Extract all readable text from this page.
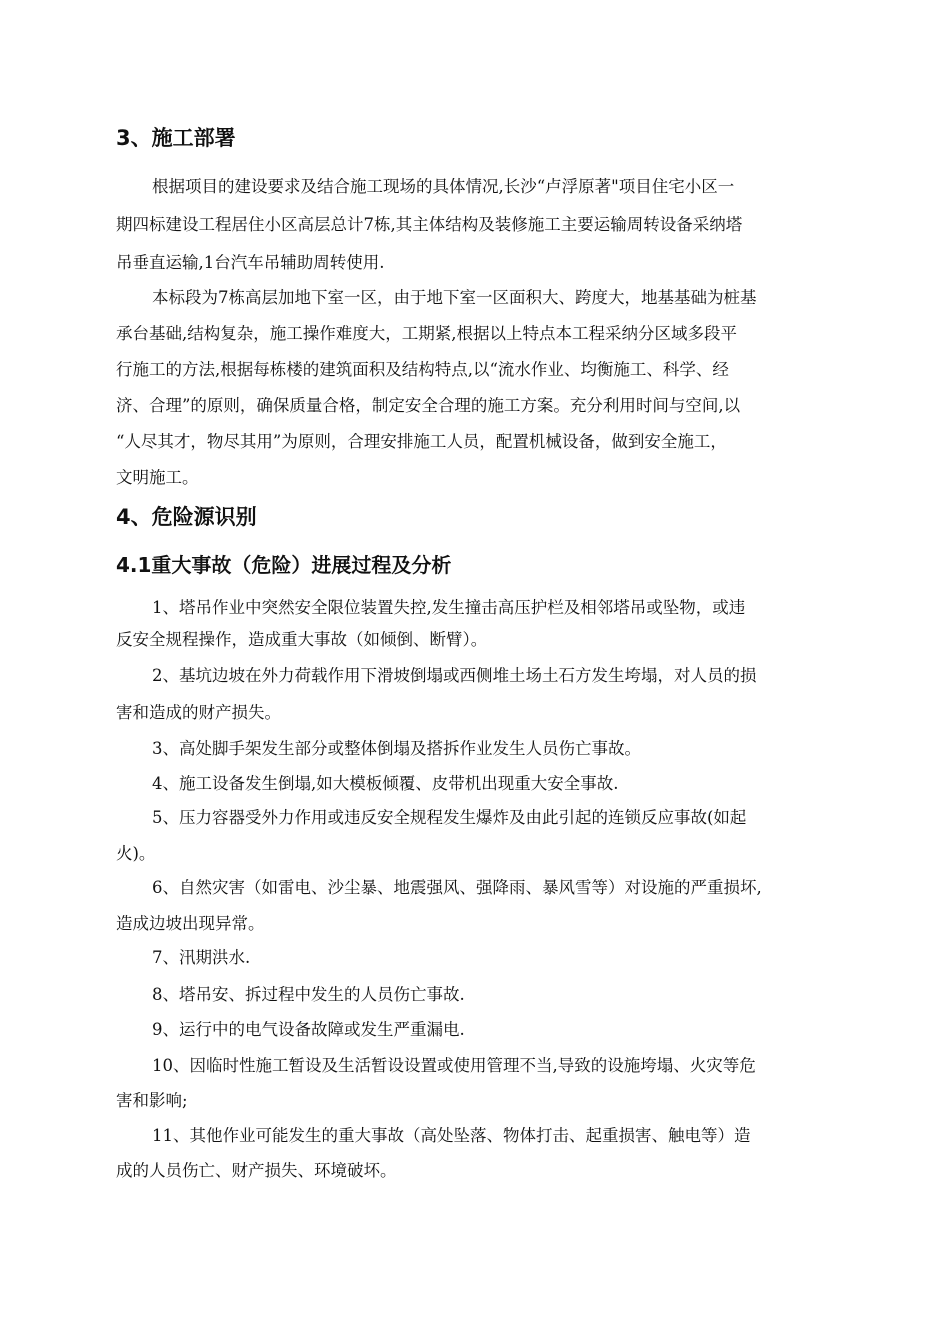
3、施工部署

根据项目的建设要求及结合施工现场的具体情况,长沙“卢浮原著"项目住宅小区一

期四标建设工程居住小区高层总计7栋,其主体结构及装修施工主要运输周转设备采纳塔

吊垂直运输,1台汽车吊辅助周转使用.

本标段为7栋高层加地下室一区，由于地下室一区面积大、跨度大，地基基础为桩基

承台基础,结构复杂，施工操作难度大，工期紧,根据以上特点本工程采纳分区域多段平

行施工的方法,根据每栋楼的建筑面积及结构特点,以“流水作业、均衡施工、科学、经

济、合理”的原则，确保质量合格，制定安全合理的施工方案。充分利用时间与空间,以

“人尽其才，物尽其用”为原则，合理安排施工人员，配置机械设备，做到安全施工，

文明施工。

4、危险源识别
4.1重大事故（危险）进展过程及分析

1、塔吊作业中突然安全限位装置失控,发生撞击高压护栏及相邻塔吊或坠物，或违

反安全规程操作，造成重大事故（如倾倒、断臂）。

2、基坑边坡在外力荷载作用下滑坡倒塌或西侧堆土场土石方发生垮塌，对人员的损

害和造成的财产损失。

3、高处脚手架发生部分或整体倒塌及搭拆作业发生人员伤亡事故。

4、施工设备发生倒塌,如大模板倾覆、皮带机出现重大安全事故.

5、压力容器受外力作用或违反安全规程发生爆炸及由此引起的连锁反应事故(如起

火)。

6、自然灾害（如雷电、沙尘暴、地震强风、强降雨、暴风雪等）对设施的严重损坏,

造成边坡出现异常。

7、汛期洪水.

8、塔吊安、拆过程中发生的人员伤亡事故.

9、运行中的电气设备故障或发生严重漏电.

10、因临时性施工暂设及生活暂设设置或使用管理不当,导致的设施垮塌、火灾等危

害和影响;

11、其他作业可能发生的重大事故（高处坠落、物体打击、起重损害、触电等）造

成的人员伤亡、财产损失、环境破坏。
